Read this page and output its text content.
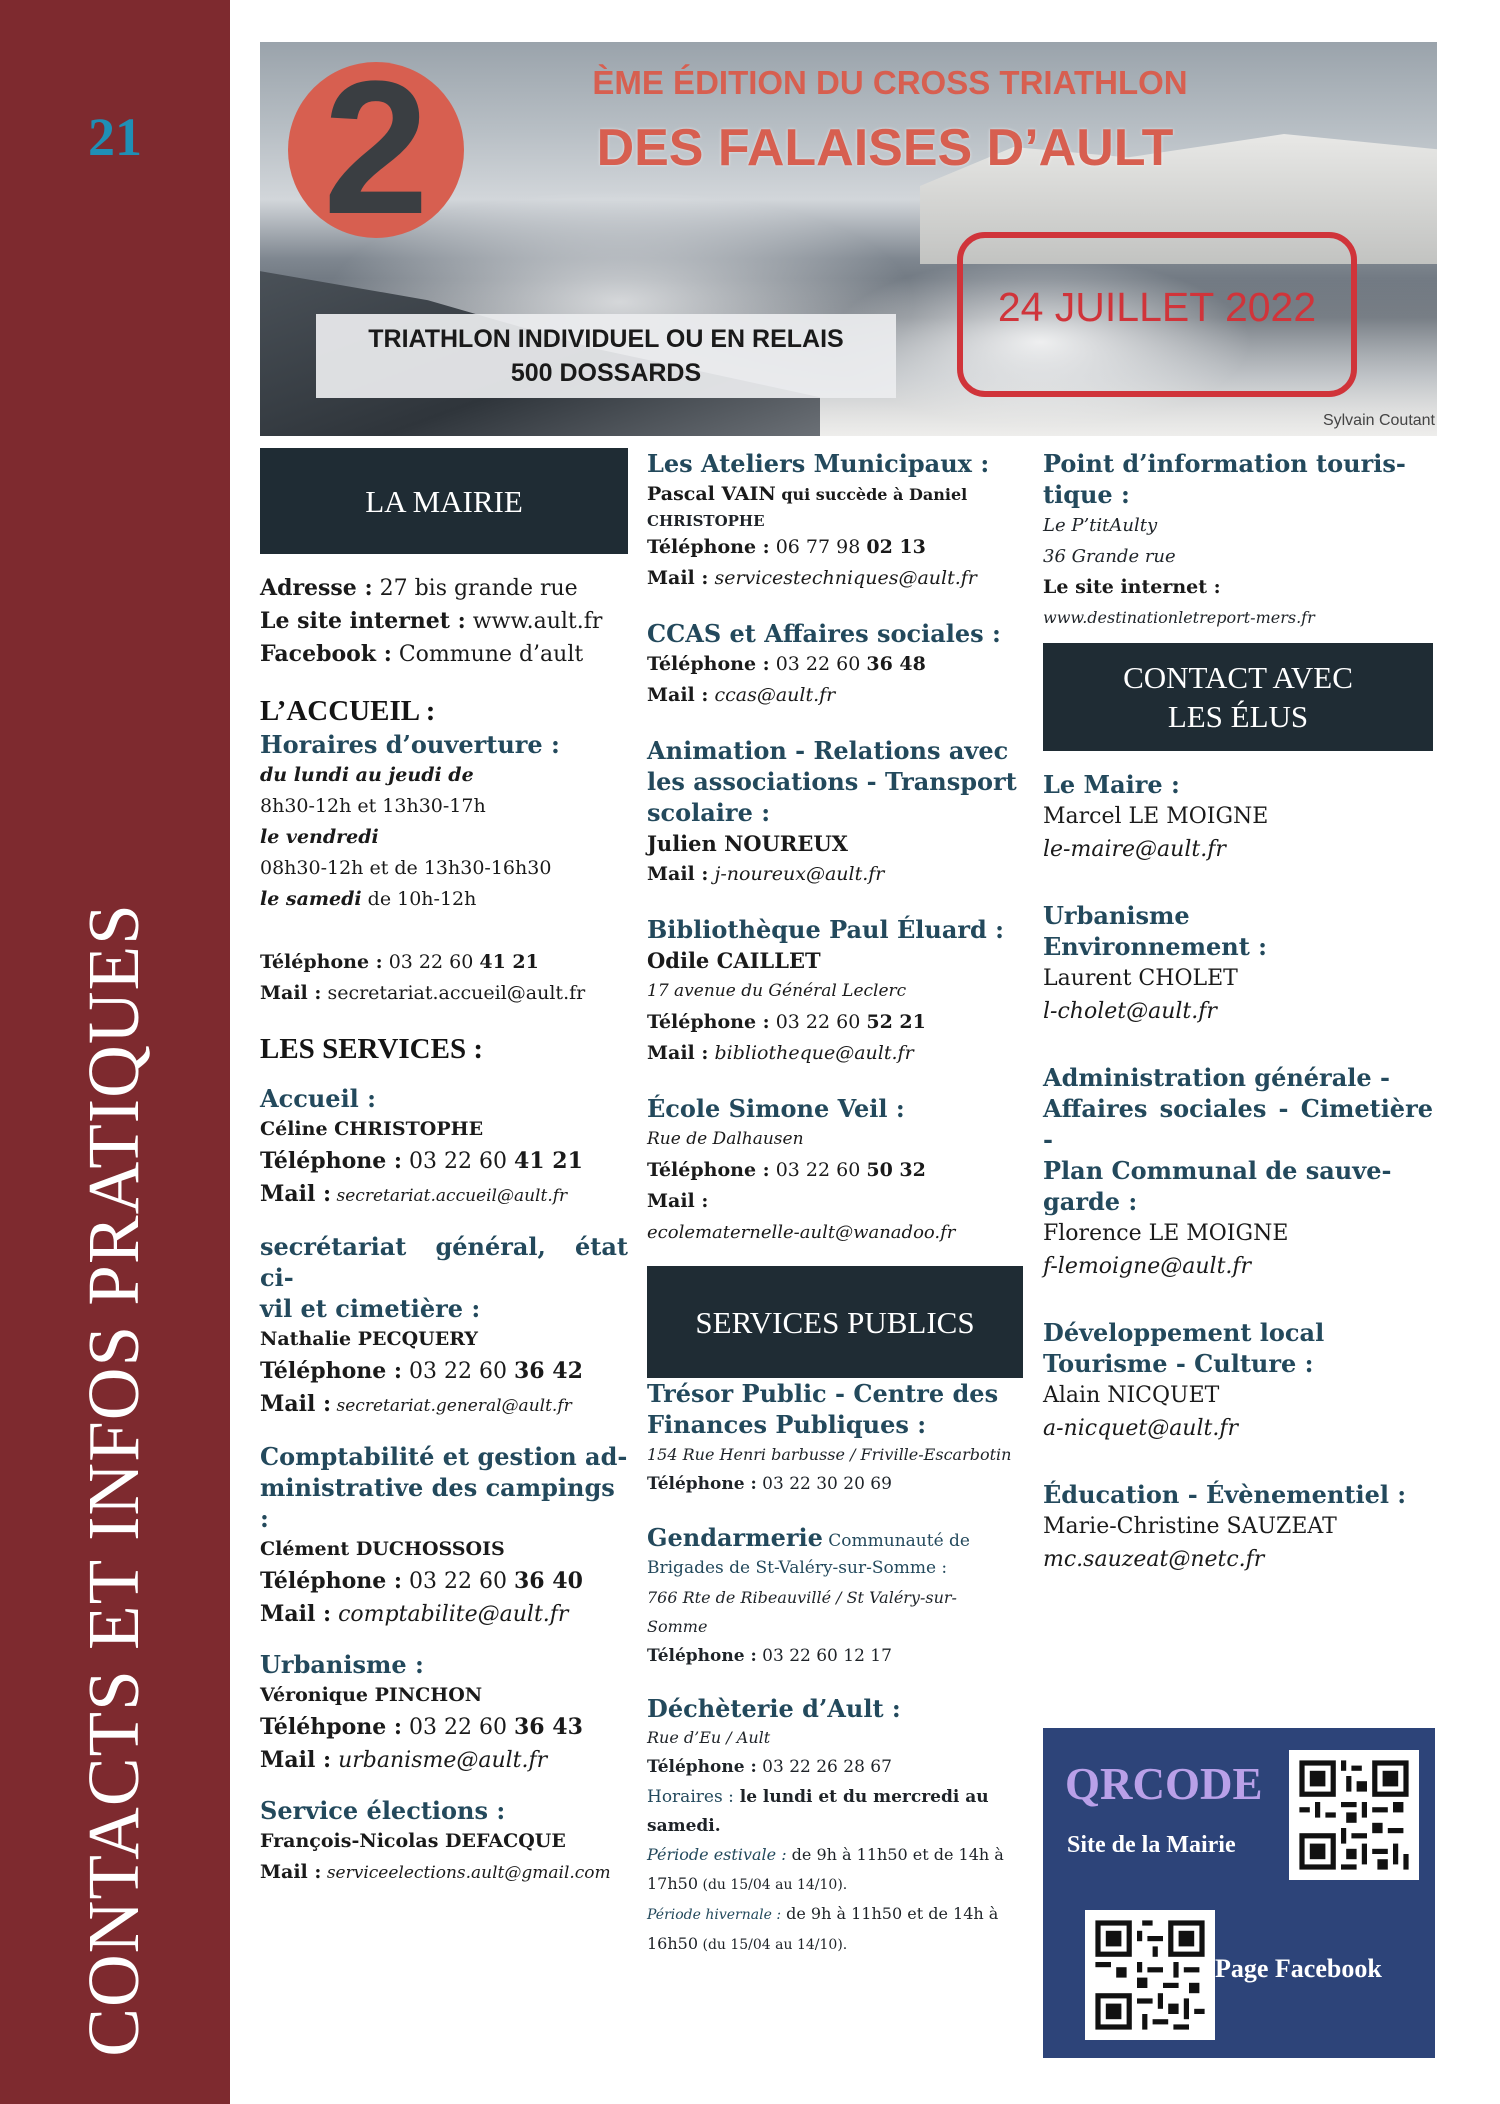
21
CONTACTS ET INFOS PRATIQUES
2	ÈME ÉDITION DU CROSS TRIATHLON
DES FALAISES D’AULT
24 JUILLET 2022
TRIATHLON INDIVIDUEL OU EN RELAIS
500 DOSSARDS
Sylvain Coutant
LA MAIRIE
Adresse : 27 bis grande rue
Le site internet : www.ault.fr
Facebook : Commune d’ault
L’ACCUEIL :
Horaires d’ouverture :
du lundi au jeudi de
8h30-12h et 13h30-17h
le vendredi
08h30-12h et de 13h30-16h30
le samedi de 10h-12h
Téléphone : 03 22 60 41 21
Mail : secretariat.accueil@ault.fr
LES SERVICES :
Accueil :
Céline CHRISTOPHE
Téléphone : 03 22 60 41 21
Mail : secretariat.accueil@ault.fr
secrétariat général, état ci-
vil et cimetière :
Nathalie PECQUERY
Téléphone : 03 22 60 36 42
Mail : secretariat.general@ault.fr
Comptabilité et gestion ad-
ministrative des campings :
Clément DUCHOSSOIS
Téléphone : 03 22 60 36 40
Mail : comptabilite@ault.fr
Urbanisme :
Véronique PINCHON
Téléhpone : 03 22 60 36 43
Mail : urbanisme@ault.fr
Service élections :
François-Nicolas DEFACQUE
Mail : serviceelections.ault@gmail.com
Les Ateliers Municipaux :
Pascal VAIN qui succède à Daniel
CHRISTOPHE
Téléphone : 06 77 98 02 13
Mail : servicestechniques@ault.fr
CCAS et Affaires sociales :
Téléphone : 03 22 60 36 48
Mail : ccas@ault.fr
Animation - Relations avec
les associations - Transport
scolaire :
Julien NOUREUX
Mail : j-noureux@ault.fr
Bibliothèque Paul Éluard :
Odile CAILLET
17 avenue du Général Leclerc
Téléphone : 03 22 60 52 21
Mail : bibliotheque@ault.fr
École Simone Veil :
Rue de Dalhausen
Téléphone : 03 22 60 50 32
Mail :
ecolematernelle-ault@wanadoo.fr
SERVICES PUBLICS
Trésor Public - Centre des
Finances Publiques :
154 Rue Henri barbusse / Friville-Escarbotin
Téléphone : 03 22 30 20 69
Gendarmerie Communauté de
Brigades de St-Valéry-sur-Somme :
766 Rte de Ribeauvillé / St Valéry-sur-
Somme
Téléphone : 03 22 60 12 17
Déchèterie d’Ault :
Rue d’Eu / Ault
Téléphone : 03 22 26 28 67
Horaires : le lundi et du mercredi au
samedi.
Période estivale : de 9h à 11h50 et de 14h à
17h50 (du 15/04 au 14/10).
Période hivernale : de 9h à 11h50 et de 14h à
16h50 (du 15/04 au 14/10).
Point d’information touris-
tique :
Le P’titAulty
36 Grande rue
Le site internet :
www.destinationletreport-mers.fr
CONTACT AVEC
LES ÉLUS
Le Maire :
Marcel LE MOIGNE
le-maire@ault.fr
Urbanisme
Environnement :
Laurent CHOLET
l-cholet@ault.fr
Administration générale -
Affaires sociales - Cimetière -
Plan Communal de sauve-
garde :
Florence LE MOIGNE
f-lemoigne@ault.fr
Développement local
Tourisme - Culture :
Alain NICQUET
a-nicquet@ault.fr
Éducation - Évènementiel :
Marie-Christine SAUZEAT
mc.sauzeat@netc.fr
QRCODE
Site de la Mairie
Page Facebook
